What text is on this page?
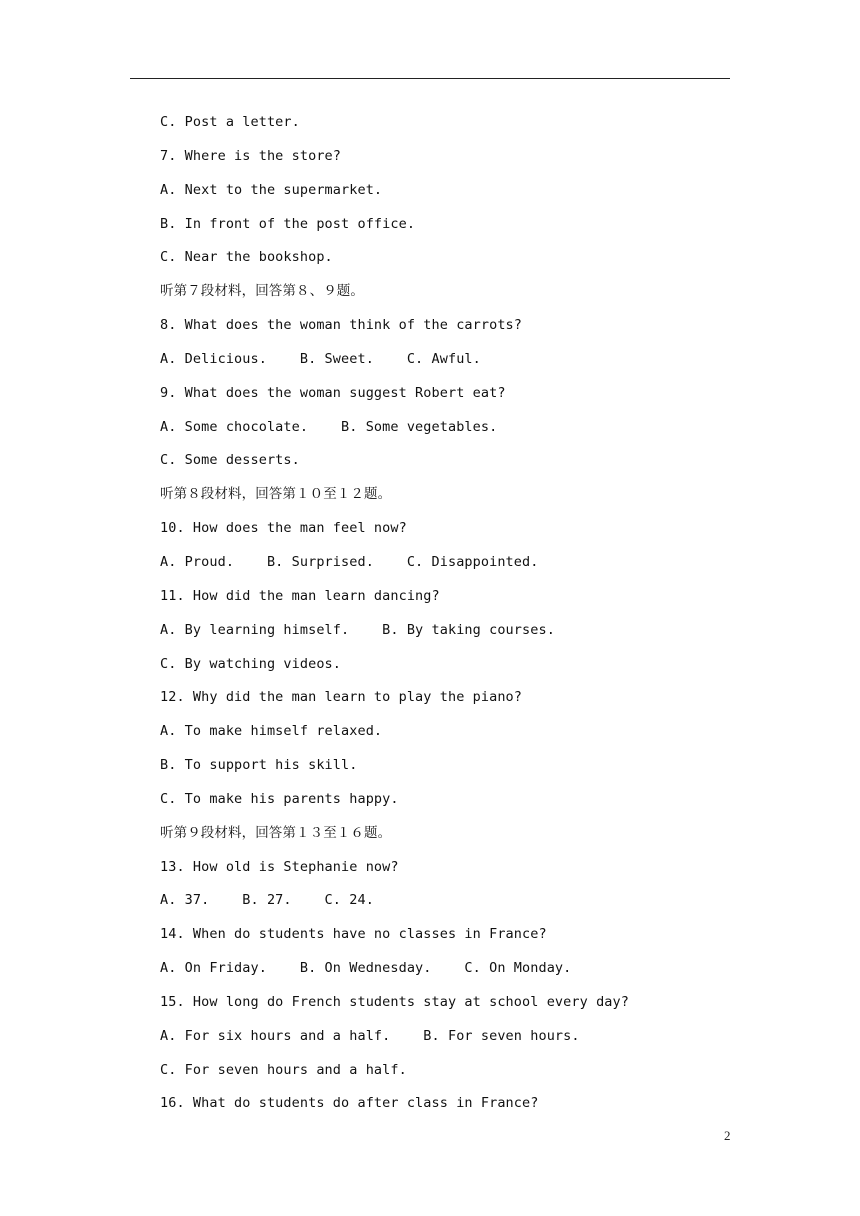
C. Post a letter.
7. Where is the store?
A. Next to the supermarket.
B. In front of the post office.
C. Near the bookshop.
听第７段材料，回答第８、９题。
8. What does the woman think of the carrots?
A. Delicious.    B. Sweet.    C. Awful.
9. What does the woman suggest Robert eat?
A. Some chocolate.    B. Some vegetables.
C. Some desserts.
听第８段材料，回答第１０至１２题。
10. How does the man feel now?
A. Proud.    B. Surprised.    C. Disappointed.
11. How did the man learn dancing?
A. By learning himself.    B. By taking courses.
C. By watching videos.
12. Why did the man learn to play the piano?
A. To make himself relaxed.
B. To support his skill.
C. To make his parents happy.
听第９段材料，回答第１３至１６题。
13. How old is Stephanie now?
A. 37.    B. 27.    C. 24.
14. When do students have no classes in France?
A. On Friday.    B. On Wednesday.    C. On Monday.
15. How long do French students stay at school every day?
A. For six hours and a half.    B. For seven hours.
C. For seven hours and a half.
16. What do students do after class in France?
2
